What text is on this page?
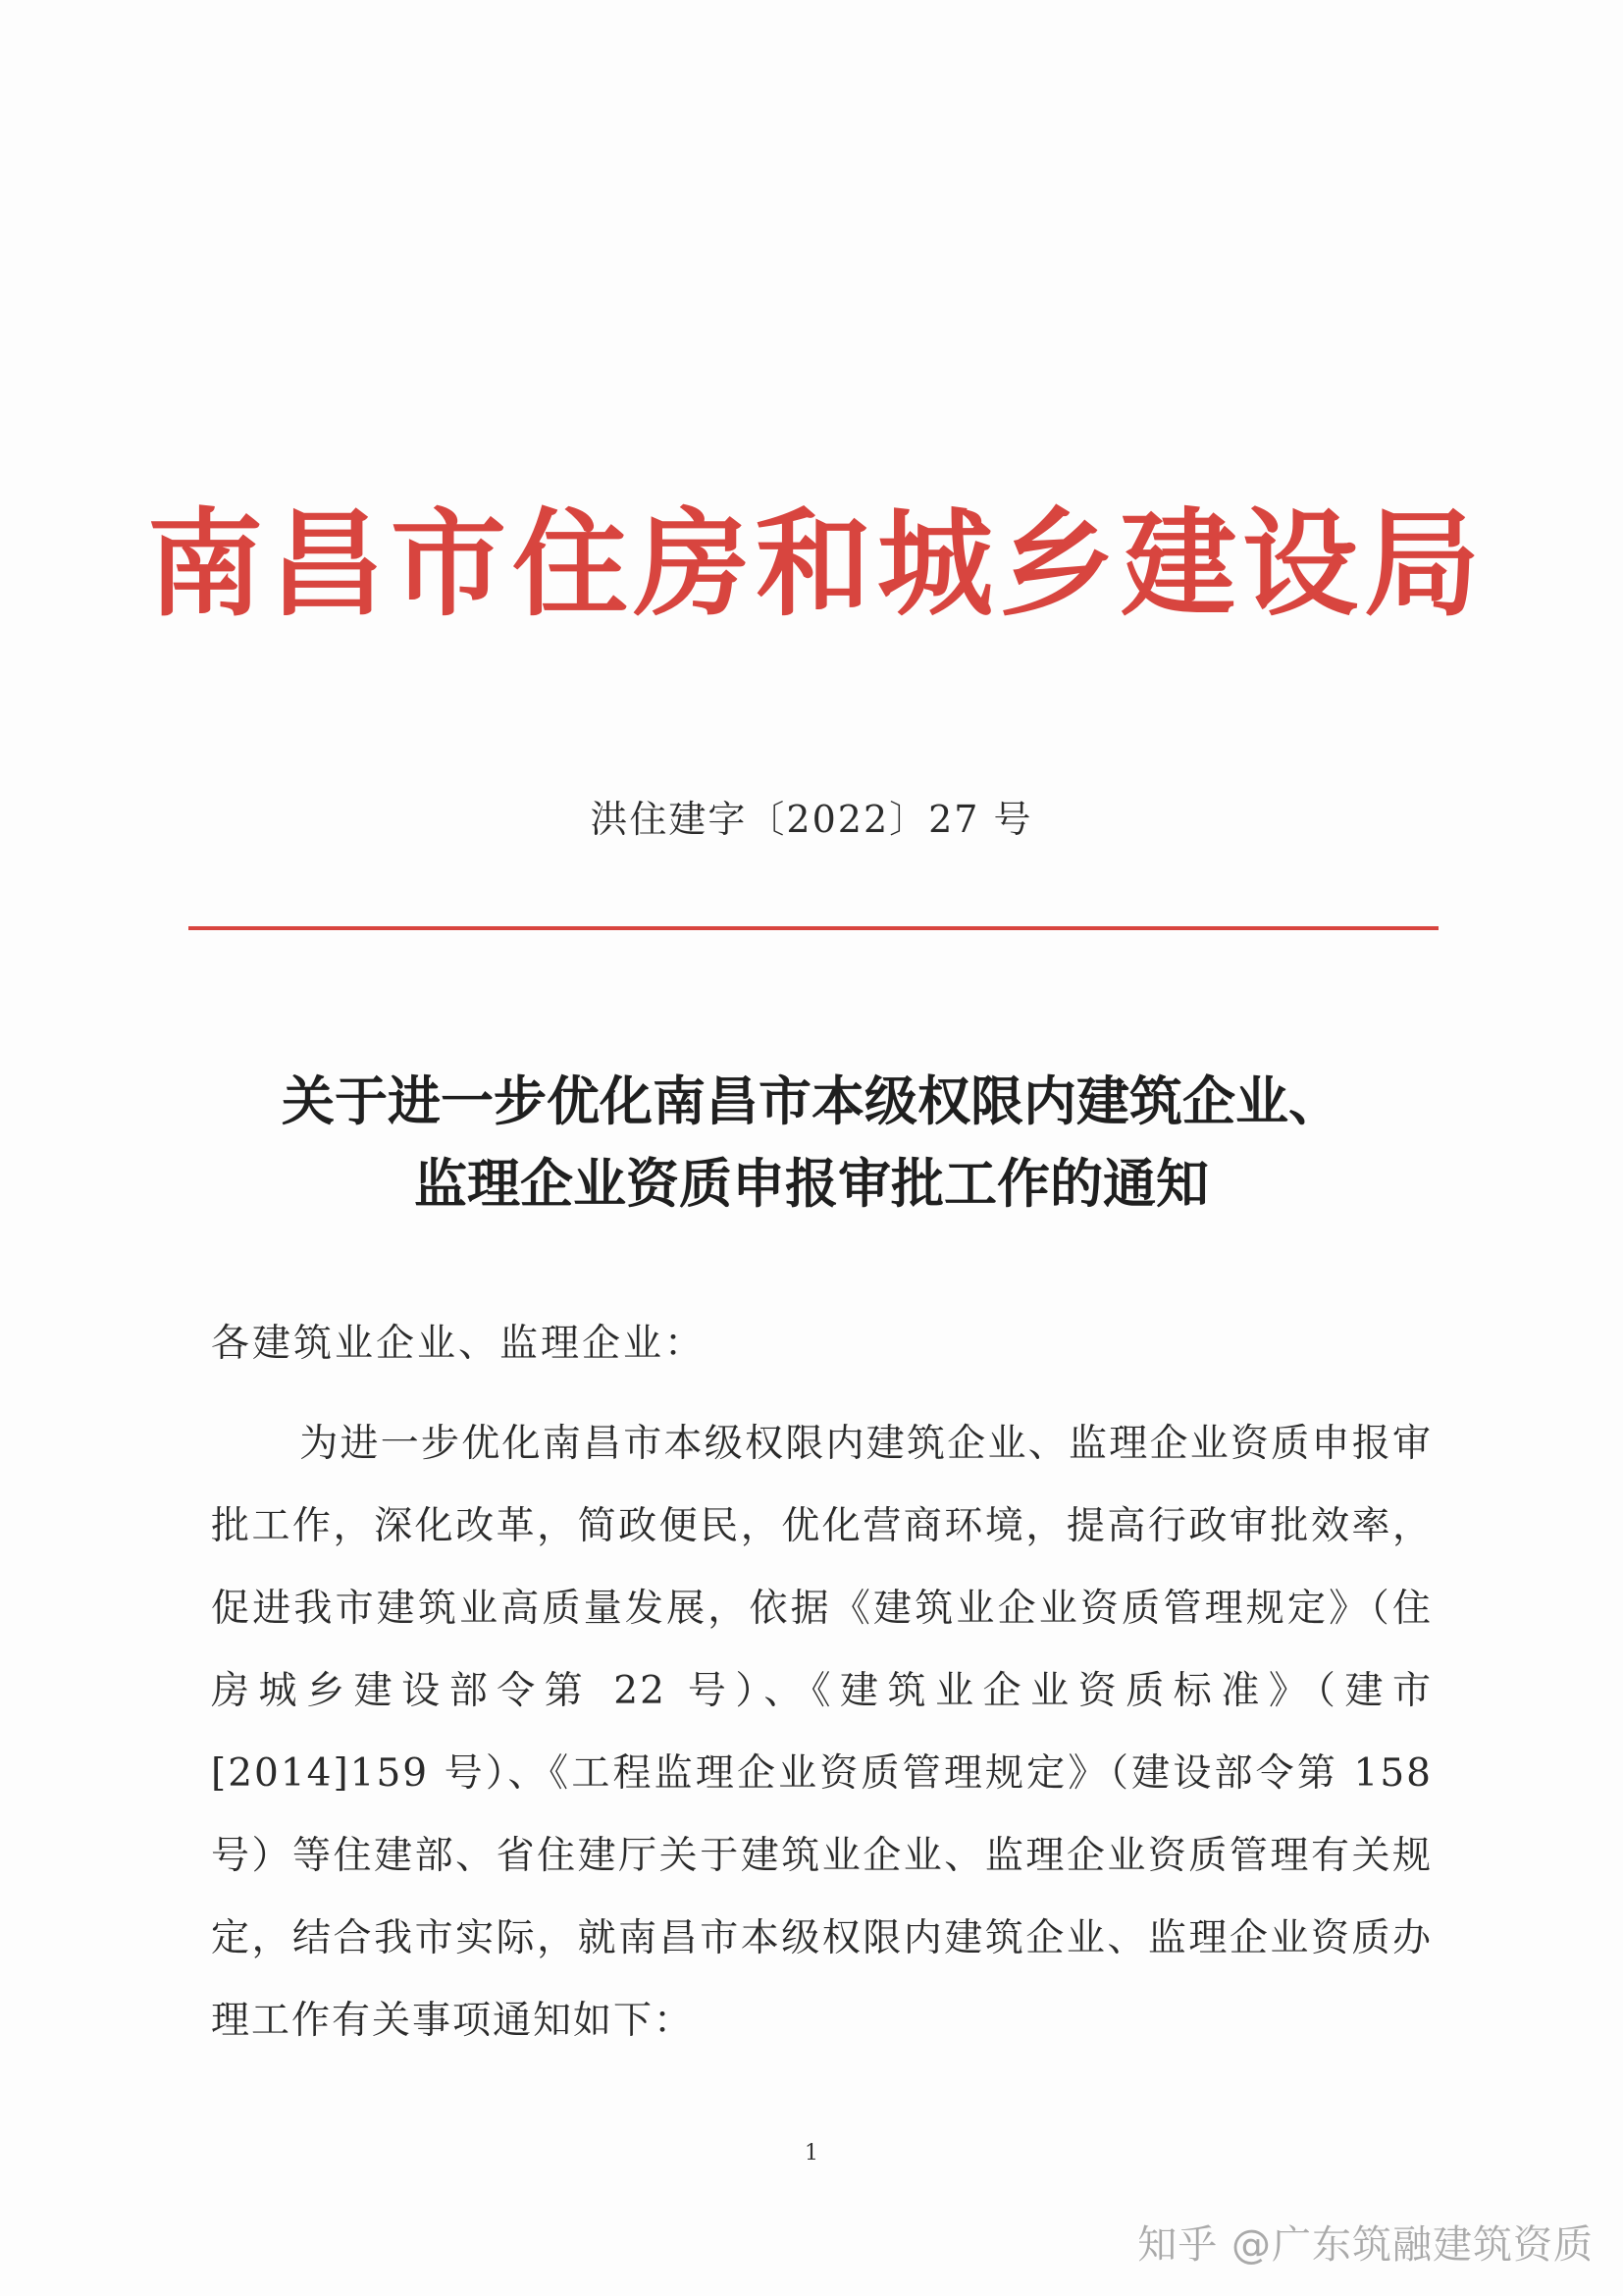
南昌市住房和城乡建设局
洪住建字〔2022〕27 号
关于进一步优化南昌市本级权限内建筑企业、
监理企业资质申报审批工作的通知
各建筑业企业、监理企业：
为进一步优化南昌市本级权限内建筑企业、监理企业资质申报审批工作，深化改革，简政便民，优化营商环境，提高行政审批效率，促进我市建筑业高质量发展，依据《建筑业企业资质管理规定》（住房城乡建设部令第 22 号）、《建筑业企业资质标准》（建市[2014]159 号）、《工程监理企业资质管理规定》（建设部令第 158 号）等住建部、省住建厅关于建筑业企业、监理企业资质管理有关规定，结合我市实际，就南昌市本级权限内建筑企业、监理企业资质办理工作有关事项通知如下：
1
知乎 @广东筑融建筑资质
